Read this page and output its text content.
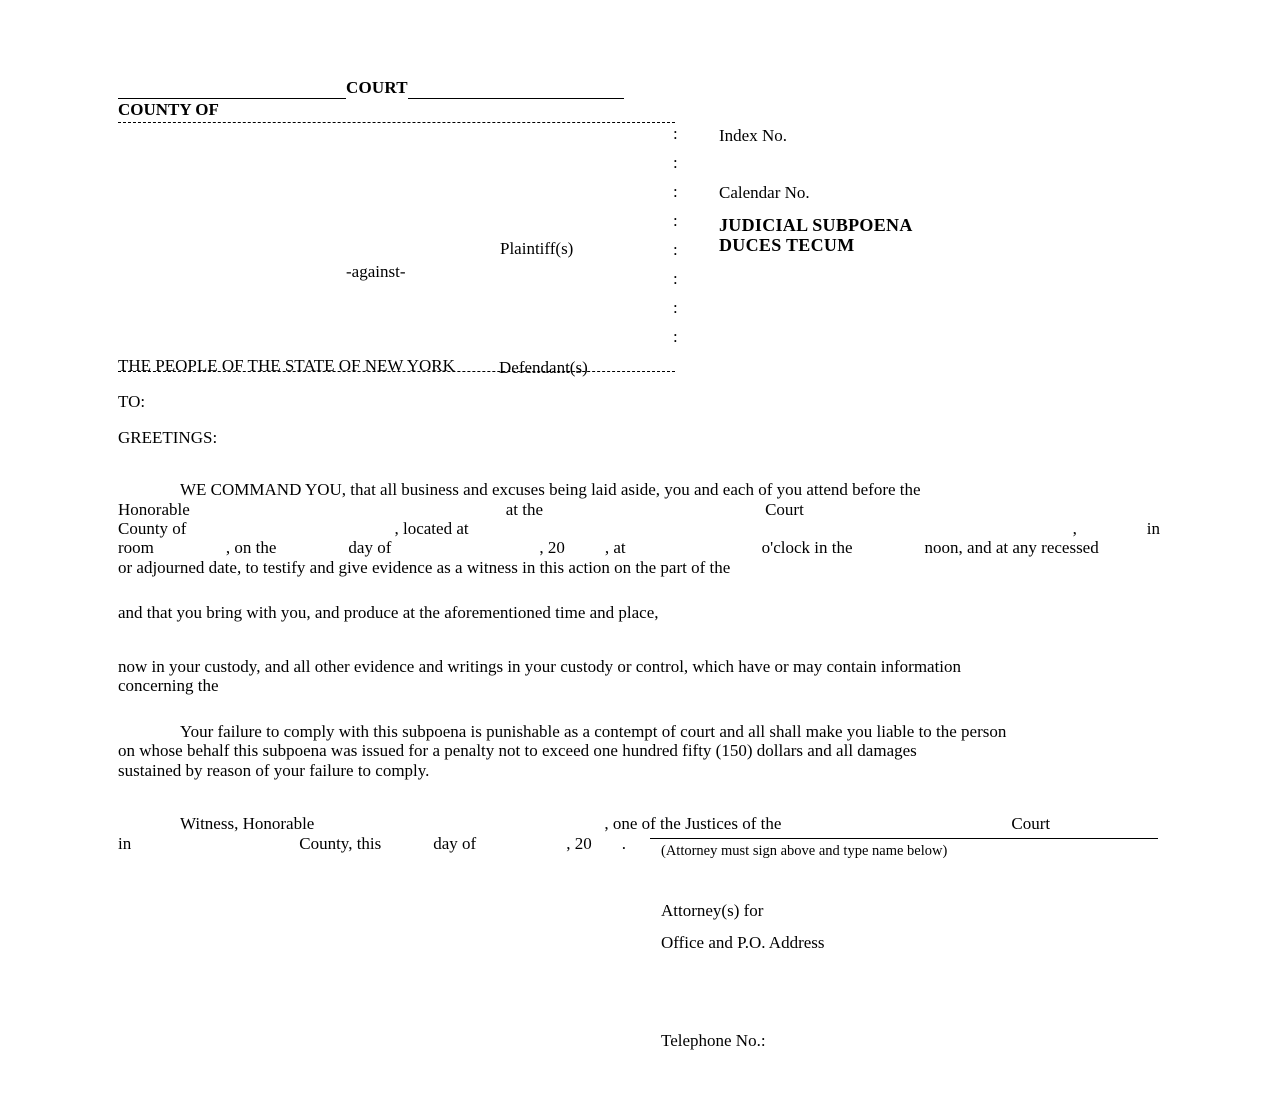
COURT
COUNTY OF
:
:
:
:
:
:
:
:
Plaintiff(s)
-against-
Defendant(s)
Index No.
Calendar No.
JUDICIAL SUBPOENA
DUCES TECUM
THE PEOPLE OF THE STATE OF NEW YORK
TO:
GREETINGS:
WE COMMAND YOU, that all business and excuses being laid aside, you and each of you attend before the
Honorable	at the	Court
County of	, located at	,	in
room	, on the	day of	, 20 , at	o'clock in the	noon, and at any recessed
or adjourned date, to testify and give evidence as a witness in this action on the part of the
and that you bring with you, and produce at the aforementioned time and place,
now in your custody, and all other evidence and writings in your custody or control, which have or may contain information
concerning the
Your failure to comply with this subpoena is punishable as a contempt of court and all shall make you liable to the person
on whose behalf this subpoena was issued for a penalty not to exceed one hundred fifty (150) dollars and all damages
sustained by reason of your failure to comply.
Witness, Honorable	, one of the Justices of the	Court
in	County, this	day of	, 20 .	(Attorney must sign above and type name below)
Attorney(s) for
Office and P.O. Address
Telephone No.:
